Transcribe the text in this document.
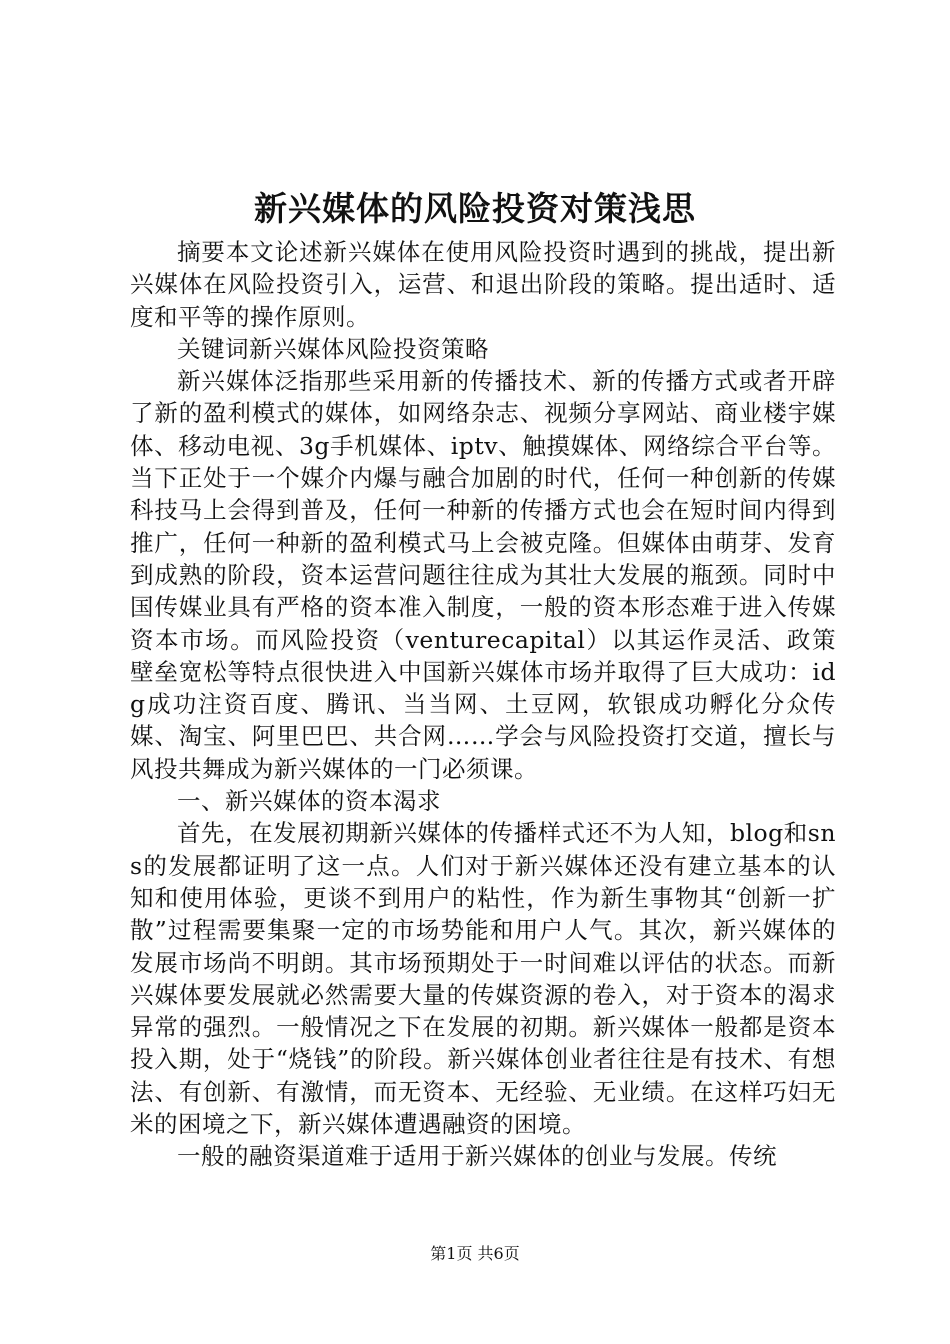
新兴媒体的风险投资对策浅思

摘要本文论述新兴媒体在使用风险投资时遇到的挑战，提出新兴媒体在风险投资引入，运营、和退出阶段的策略。提出适时、适度和平等的操作原则。

关键词新兴媒体风险投资策略

新兴媒体泛指那些采用新的传播技术、新的传播方式或者开辟了新的盈利模式的媒体，如网络杂志、视频分享网站、商业楼宇媒体、移动电视、3g手机媒体、iptv、触摸媒体、网络综合平台等。当下正处于一个媒介内爆与融合加剧的时代，任何一种创新的传媒科技马上会得到普及，任何一种新的传播方式也会在短时间内得到推广，任何一种新的盈利模式马上会被克隆。但媒体由萌芽、发育到成熟的阶段，资本运营问题往往成为其壮大发展的瓶颈。同时中国传媒业具有严格的资本准入制度，一般的资本形态难于进入传媒资本市场。而风险投资（venturecapital）以其运作灵活、政策壁垒宽松等特点很快进入中国新兴媒体市场并取得了巨大成功：idg成功注资百度、腾讯、当当网、土豆网，软银成功孵化分众传媒、淘宝、阿里巴巴、共合网……学会与风险投资打交道，擅长与风投共舞成为新兴媒体的一门必须课。

一、新兴媒体的资本渴求

首先，在发展初期新兴媒体的传播样式还不为人知，blog和sns的发展都证明了这一点。人们对于新兴媒体还没有建立基本的认知和使用体验，更谈不到用户的粘性，作为新生事物其“创新一扩散”过程需要集聚一定的市场势能和用户人气。其次，新兴媒体的发展市场尚不明朗。其市场预期处于一时间难以评估的状态。而新兴媒体要发展就必然需要大量的传媒资源的卷入，对于资本的渴求异常的强烈。一般情况之下在发展的初期。新兴媒体一般都是资本投入期，处于“烧钱”的阶段。新兴媒体创业者往往是有技术、有想法、有创新、有激情，而无资本、无经验、无业绩。在这样巧妇无米的困境之下，新兴媒体遭遇融资的困境。

一般的融资渠道难于适用于新兴媒体的创业与发展。传统

第1页 共6页
